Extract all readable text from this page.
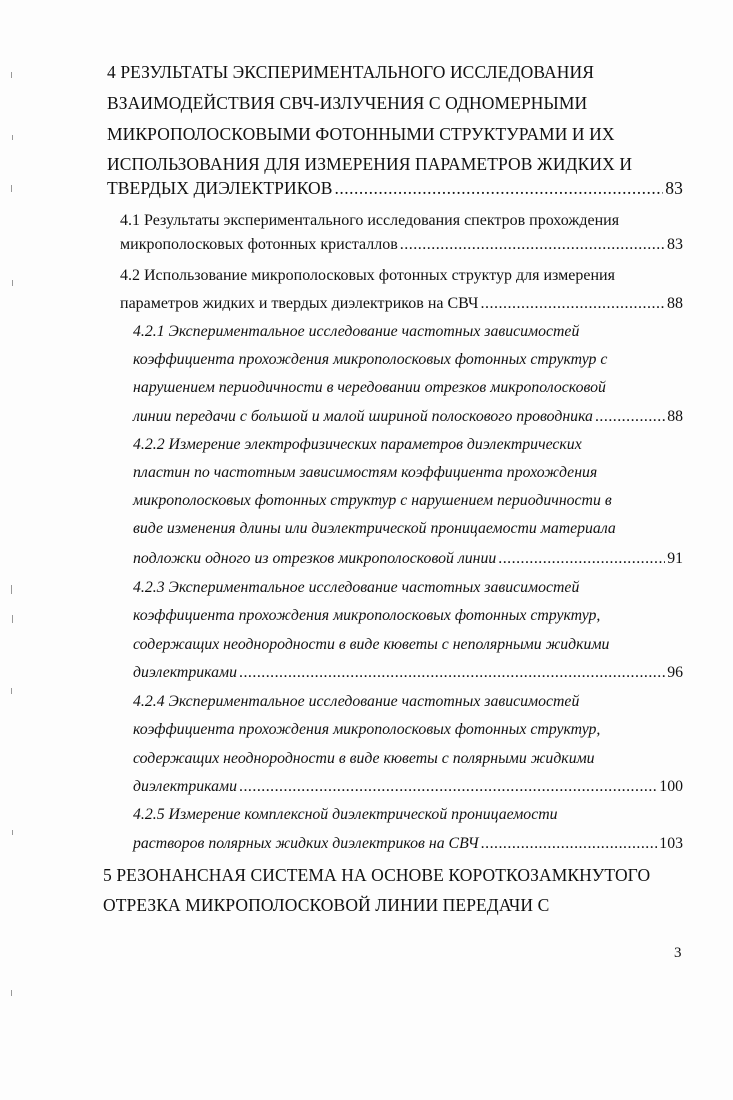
4 РЕЗУЛЬТАТЫ ЭКСПЕРИМЕНТАЛЬНОГО ИССЛЕДОВАНИЯ
ВЗАИМОДЕЙСТВИЯ СВЧ-ИЗЛУЧЕНИЯ С ОДНОМЕРНЫМИ
МИКРОПОЛОСКОВЫМИ ФОТОННЫМИ СТРУКТУРАМИ И ИХ
ИСПОЛЬЗОВАНИЯ ДЛЯ ИЗМЕРЕНИЯ ПАРАМЕТРОВ ЖИДКИХ И
ТВЕРДЫХ ДИЭЛЕКТРИКОВ .....	83
4.1 Результаты экспериментального исследования спектров прохождения
микрополосковых фотонных кристаллов .....	83
4.2 Использование микрополосковых фотонных структур для измерения
параметров жидких и твердых диэлектриков на СВЧ .....	88
4.2.1 Экспериментальное исследование частотных зависимостей
коэффициента прохождения микрополосковых фотонных структур с
нарушением периодичности в чередовании отрезков микрополосковой
линии передачи с большой и малой шириной полоскового проводника .....	88
4.2.2 Измерение электрофизических параметров диэлектрических
пластин по частотным зависимостям коэффициента прохождения
микрополосковых фотонных структур с нарушением периодичности в
виде изменения длины или диэлектрической проницаемости материала
подложки одного из отрезков микрополосковой линии .....	91
4.2.3 Экспериментальное исследование частотных зависимостей
коэффициента прохождения микрополосковых фотонных структур,
содержащих неоднородности в виде кюветы с неполярными жидкими
диэлектриками .....	96
4.2.4 Экспериментальное исследование частотных зависимостей
коэффициента прохождения микрополосковых фотонных структур,
содержащих неоднородности в виде кюветы с полярными жидкими
диэлектриками .....	100
4.2.5 Измерение комплексной диэлектрической проницаемости
растворов полярных жидких диэлектриков на СВЧ .....	103
5 РЕЗОНАНСНАЯ СИСТЕМА НА ОСНОВЕ КОРОТКОЗАМКНУТОГО
ОТРЕЗКА МИКРОПОЛОСКОВОЙ ЛИНИИ ПЕРЕДАЧИ С
3
